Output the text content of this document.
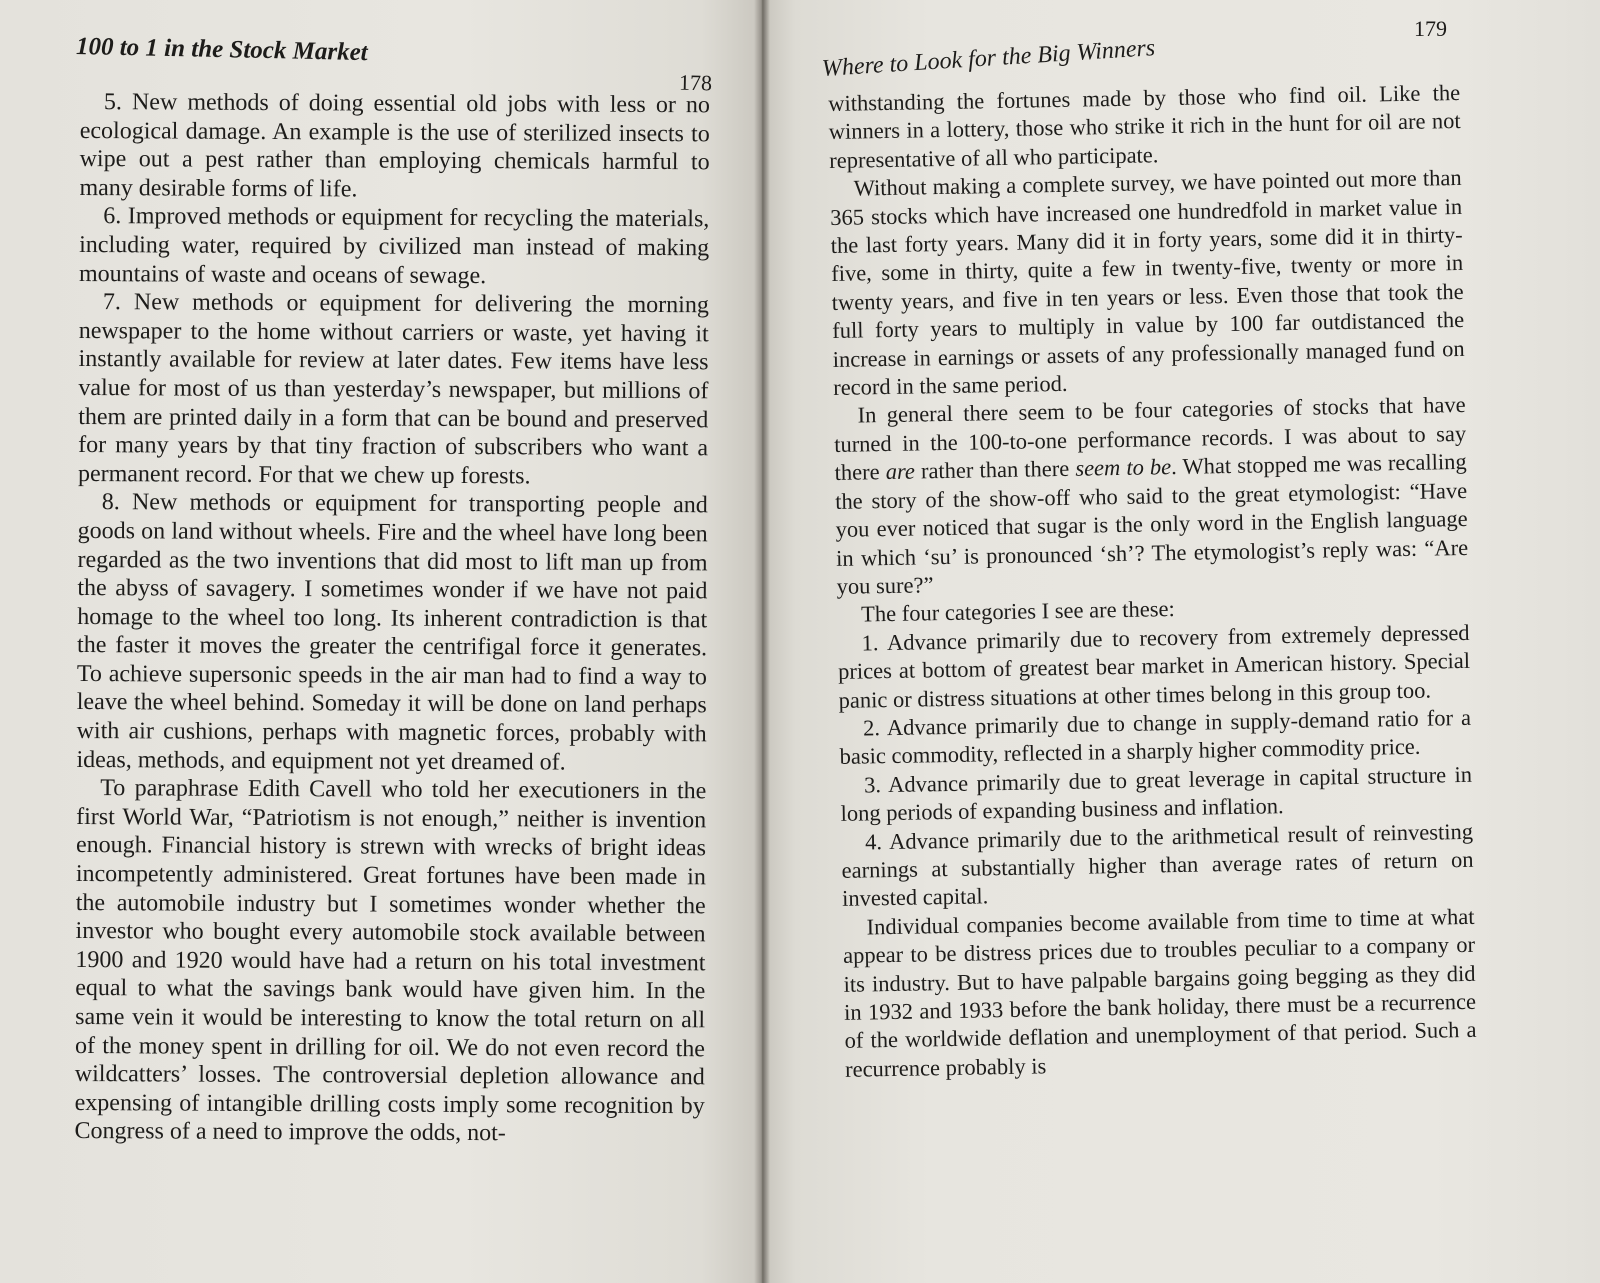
100 to 1 in the Stock Market
178

5. New methods of doing essential old jobs with less or no ecological damage. An example is the use of sterilized insects to wipe out a pest rather than employing chemicals harmful to many desirable forms of life.

6. Improved methods or equipment for recycling the materials, including water, required by civilized man instead of making mountains of waste and oceans of sewage.

7. New methods or equipment for delivering the morning newspaper to the home without carriers or waste, yet having it instantly available for review at later dates. Few items have less value for most of us than yesterday’s newspaper, but millions of them are printed daily in a form that can be bound and preserved for many years by that tiny fraction of subscribers who want a permanent record. For that we chew up forests.

8. New methods or equipment for transporting people and goods on land without wheels. Fire and the wheel have long been regarded as the two inventions that did most to lift man up from the abyss of savagery. I sometimes wonder if we have not paid homage to the wheel too long. Its inherent contradiction is that the faster it moves the greater the centrifigal force it generates. To achieve supersonic speeds in the air man had to find a way to leave the wheel behind. Someday it will be done on land perhaps with air cushions, perhaps with magnetic forces, probably with ideas, methods, and equipment not yet dreamed of.

To paraphrase Edith Cavell who told her executioners in the first World War, “Patriotism is not enough,” neither is invention enough. Financial history is strewn with wrecks of bright ideas incompetently administered. Great fortunes have been made in the automobile industry but I sometimes wonder whether the investor who bought every automobile stock available between 1900 and 1920 would have had a return on his total investment equal to what the savings bank would have given him. In the same vein it would be interesting to know the total return on all of the money spent in drilling for oil. We do not even record the wildcatters’ losses. The controversial depletion allowance and expensing of intangible drilling costs imply some recognition by Congress of a need to improve the odds, not-

179
Where to Look for the Big Winners

withstanding the fortunes made by those who find oil. Like the winners in a lottery, those who strike it rich in the hunt for oil are not representative of all who participate.

Without making a complete survey, we have pointed out more than 365 stocks which have increased one hundredfold in market value in the last forty years. Many did it in forty years, some did it in thirty-five, some in thirty, quite a few in twenty-five, twenty or more in twenty years, and five in ten years or less. Even those that took the full forty years to multiply in value by 100 far outdistanced the increase in earnings or assets of any professionally managed fund on record in the same period.

In general there seem to be four categories of stocks that have turned in the 100-to-one performance records. I was about to say there are rather than there seem to be. What stopped me was recalling the story of the show-off who said to the great etymologist: “Have you ever noticed that sugar is the only word in the English language in which ‘su’ is pronounced ‘sh’? The etymologist’s reply was: “Are you sure?”

The four categories I see are these:

1. Advance primarily due to recovery from extremely depressed prices at bottom of greatest bear market in American history. Special panic or distress situations at other times belong in this group too.

2. Advance primarily due to change in supply-demand ratio for a basic commodity, reflected in a sharply higher commodity price.

3. Advance primarily due to great leverage in capital structure in long periods of expanding business and inflation.

4. Advance primarily due to the arithmetical result of reinvesting earnings at substantially higher than average rates of return on invested capital.

Individual companies become available from time to time at what appear to be distress prices due to troubles peculiar to a company or its industry. But to have palpable bargains going begging as they did in 1932 and 1933 before the bank holiday, there must be a recurrence of the worldwide deflation and unemployment of that period. Such a recurrence probably is
